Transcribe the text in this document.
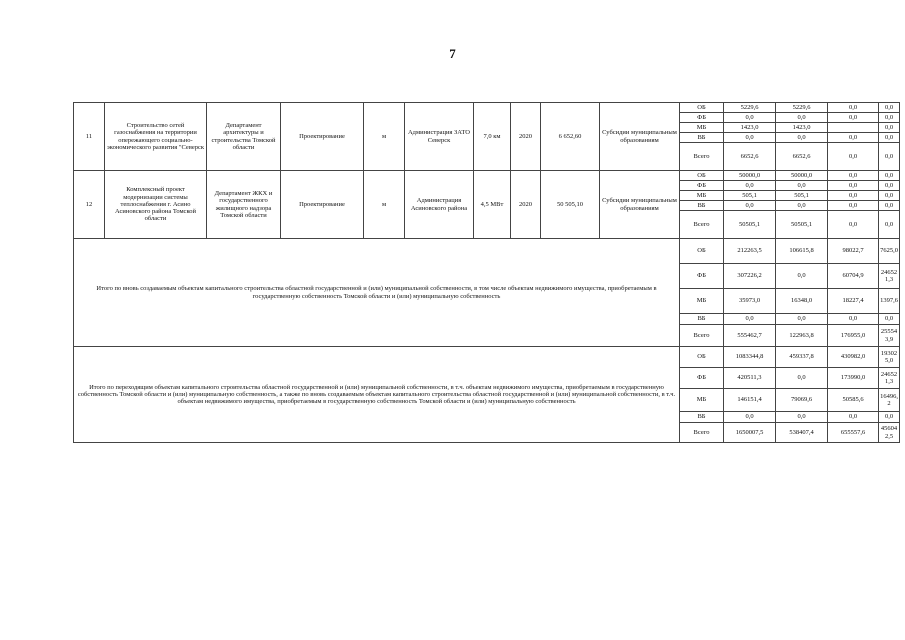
7
11	Строительство сетей газоснабжения на территории опережающего социально-экономического развития "Северск	Департамент архитектуры и строительства Томской области	Проектирование	м	Администрация ЗАТО Северск	7,0 км	2020	6 652,60	Субсидии муниципальным образованиям	ОБ	5229,6	5229,6	0,0	0,0
										ФБ	0,0	0,0	0,0	0,0
										МБ	1423,0	1423,0		0,0
										ВБ	0,0	0,0	0,0	0,0
										Всего	6652,6	6652,6	0,0	0,0
12	Комплексный проект модернизации системы теплоснабжения г. Асино Асиновского района Томской области	Департамент ЖКХ и государственного жилищного надзора Томской области	Проектирование	м	Администрация Асиновского района	4,5 МВт	2020	50 505,10	Субсидии муниципальным образованиям	ОБ	50000,0	50000,0	0,0	0,0
										ФБ	0,0	0,0	0,0	0,0
										МБ	505,1	505,1	0,0	0,0
										ВБ	0,0	0,0	0,0	0,0
										Всего	50505,1	50505,1	0,0	0,0
Итого по вновь создаваемым объектам капитального строительства областной государственной и (или) муниципальной собственности, в том числе объектам недвижимого имущества, приобретаемым в государственную собственность Томской области и (или) муниципальную собственность										ОБ	212263,5	106615,8	98022,7	7625,0
										ФБ	307226,2	0,0	60704,9	246521,3
										МБ	35973,0	16348,0	18227,4	1397,6
										ВБ	0,0	0,0	0,0	0,0
										Всего	555462,7	122963,8	176955,0	255543,9
Итого по переходящим объектам капитального строительства областной государственной и (или) муниципальной собственности, в т.ч. объектам недвижимого имущества, приобретаемым в государственную собственность Томской области и (или) муниципальную собственность, а также по вновь создаваемым объектам капитального строительства областной государственной и (или) муниципальной собственности, в т.ч. объектам недвижимого имущества, приобретаемым в государственную собственность Томской области и (или) муниципальную собственность										ОБ	1083344,8	459337,8	430982,0	193025,0
										ФБ	420511,3	0,0	173990,0	246521,3
										МБ	146151,4	79069,6	50585,6	16496,2
										ВБ	0,0	0,0	0,0	0,0
										Всего	1650007,5	538407,4	655557,6	456042,5
